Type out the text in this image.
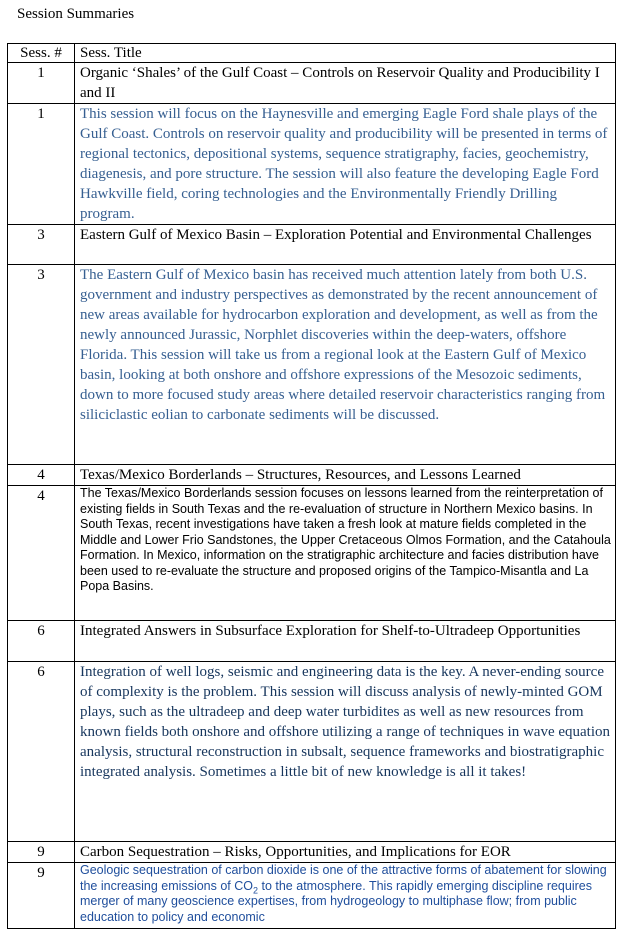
Session Summaries
Sess. #	Sess. Title
1	Organic ‘Shales’ of the Gulf Coast – Controls on Reservoir Quality and Producibility I and II
1	This session will focus on the Haynesville and emerging Eagle Ford shale plays of the Gulf Coast. Controls on reservoir quality and producibility will be presented in terms of regional tectonics, depositional systems, sequence stratigraphy, facies, geochemistry, diagenesis, and pore structure. The session will also feature the developing Eagle Ford Hawkville field, coring technologies and the Environmentally Friendly Drilling program.
3	Eastern Gulf of Mexico Basin – Exploration Potential and Environmental Challenges
3	The Eastern Gulf of Mexico basin has received much attention lately from both U.S. government and industry perspectives as demonstrated by the recent announcement of new areas available for hydrocarbon exploration and development, as well as from the newly announced Jurassic, Norphlet discoveries within the deep-waters, offshore Florida. This session will take us from a regional look at the Eastern Gulf of Mexico basin, looking at both onshore and offshore expressions of the Mesozoic sediments, down to more focused study areas where detailed reservoir characteristics ranging from siliciclastic eolian to carbonate sediments will be discussed.
4	Texas/Mexico Borderlands – Structures, Resources, and Lessons Learned
4	The Texas/Mexico Borderlands session focuses on lessons learned from the reinterpretation of existing fields in South Texas and the re-evaluation of structure in Northern Mexico basins. In South Texas, recent investigations have taken a fresh look at mature fields completed in the Middle and Lower Frio Sandstones, the Upper Cretaceous Olmos Formation, and the Catahoula Formation. In Mexico, information on the stratigraphic architecture and facies distribution have been used to re-evaluate the structure and proposed origins of the Tampico-Misantla and La Popa Basins.
6	Integrated Answers in Subsurface Exploration for Shelf-to-Ultradeep Opportunities
6	Integration of well logs, seismic and engineering data is the key. A never-ending source of complexity is the problem. This session will discuss analysis of newly-minted GOM plays, such as the ultradeep and deep water turbidites as well as new resources from known fields both onshore and offshore utilizing a range of techniques in wave equation analysis, structural reconstruction in subsalt, sequence frameworks and biostratigraphic integrated analysis. Sometimes a little bit of new knowledge is all it takes!
9	Carbon Sequestration – Risks, Opportunities, and Implications for EOR
9	Geologic sequestration of carbon dioxide is one of the attractive forms of abatement for slowing the increasing emissions of $CO_2$ to the atmosphere. This rapidly emerging discipline requires merger of many geoscience expertises, from hydrogeology to multiphase flow; from public education to policy and economic
